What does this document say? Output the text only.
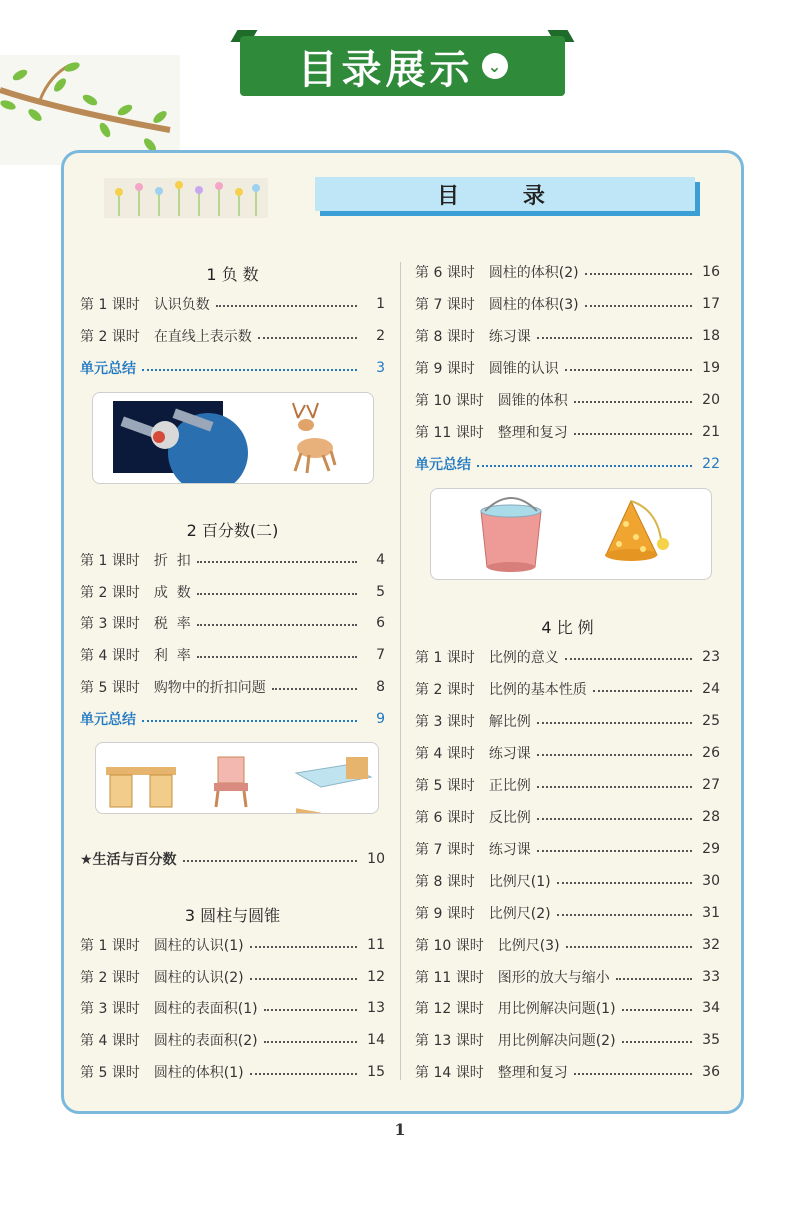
目录展示 ⌄
目 录
1 负 数
第 1 课时 认识负数	1
第 2 课时 在直线上表示数	2
单元总结	3
2 百分数(二)
第 1 课时 折  扣	4
第 2 课时 成  数	5
第 3 课时 税  率	6
第 4 课时 利  率	7
第 5 课时 购物中的折扣问题	8
单元总结	9
★生活与百分数	10
3 圆柱与圆锥
第 1 课时 圆柱的认识(1)	11
第 2 课时 圆柱的认识(2)	12
第 3 课时 圆柱的表面积(1)	13
第 4 课时 圆柱的表面积(2)	14
第 5 课时 圆柱的体积(1)	15
第 6 课时 圆柱的体积(2)	16
第 7 课时 圆柱的体积(3)	17
第 8 课时 练习课	18
第 9 课时 圆锥的认识	19
第 10 课时 圆锥的体积	20
第 11 课时 整理和复习	21
单元总结	22
4 比 例
第 1 课时 比例的意义	23
第 2 课时 比例的基本性质	24
第 3 课时 解比例	25
第 4 课时 练习课	26
第 5 课时 正比例	27
第 6 课时 反比例	28
第 7 课时 练习课	29
第 8 课时 比例尺(1)	30
第 9 课时 比例尺(2)	31
第 10 课时 比例尺(3)	32
第 11 课时 图形的放大与缩小	33
第 12 课时 用比例解决问题(1)	34
第 13 课时 用比例解决问题(2)	35
第 14 课时 整理和复习	36
1
